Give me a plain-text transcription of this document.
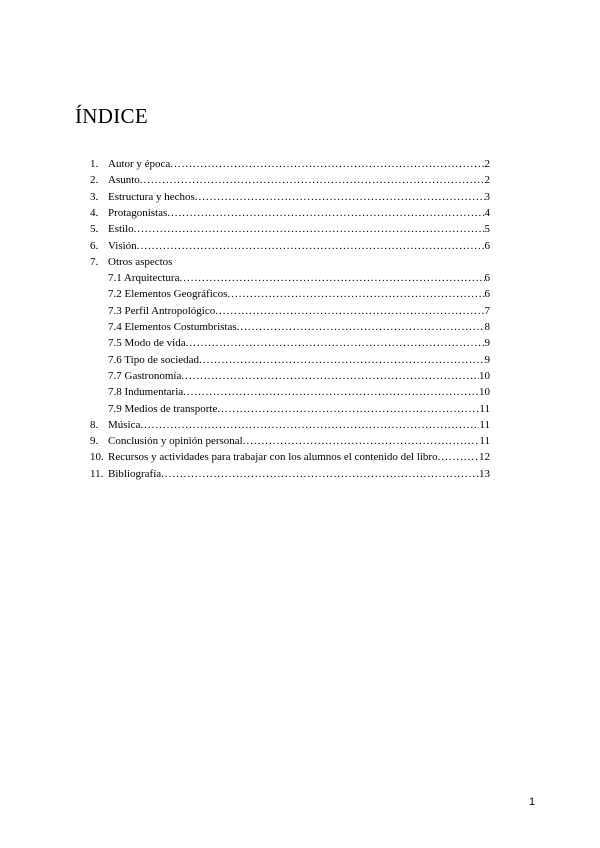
ÍNDICE
1. Autor y época .....	2
2. Asunto .....	2
3. Estructura y hechos .....	3
4. Protagonistas .....	4
5. Estilo .....	5
6. Visión .....	6
7. Otros aspectos
7.1 Arquitectura .....	6
7.2 Elementos Geográficos .....	6
7.3 Perfil Antropológico .....	7
7.4 Elementos Costumbristas .....	8
7.5 Modo de vida .....	9
7.6 Tipo de sociedad .....	9
7.7 Gastronomía .....	10
7.8 Indumentaria .....	10
7.9 Medios de transporte .....	11
8. Música .....	11
9. Conclusión y opinión personal .....	11
10. Recursos y actividades para trabajar con los alumnos el contenido del libro .....	12
11. Bibliografía .....	13
1
